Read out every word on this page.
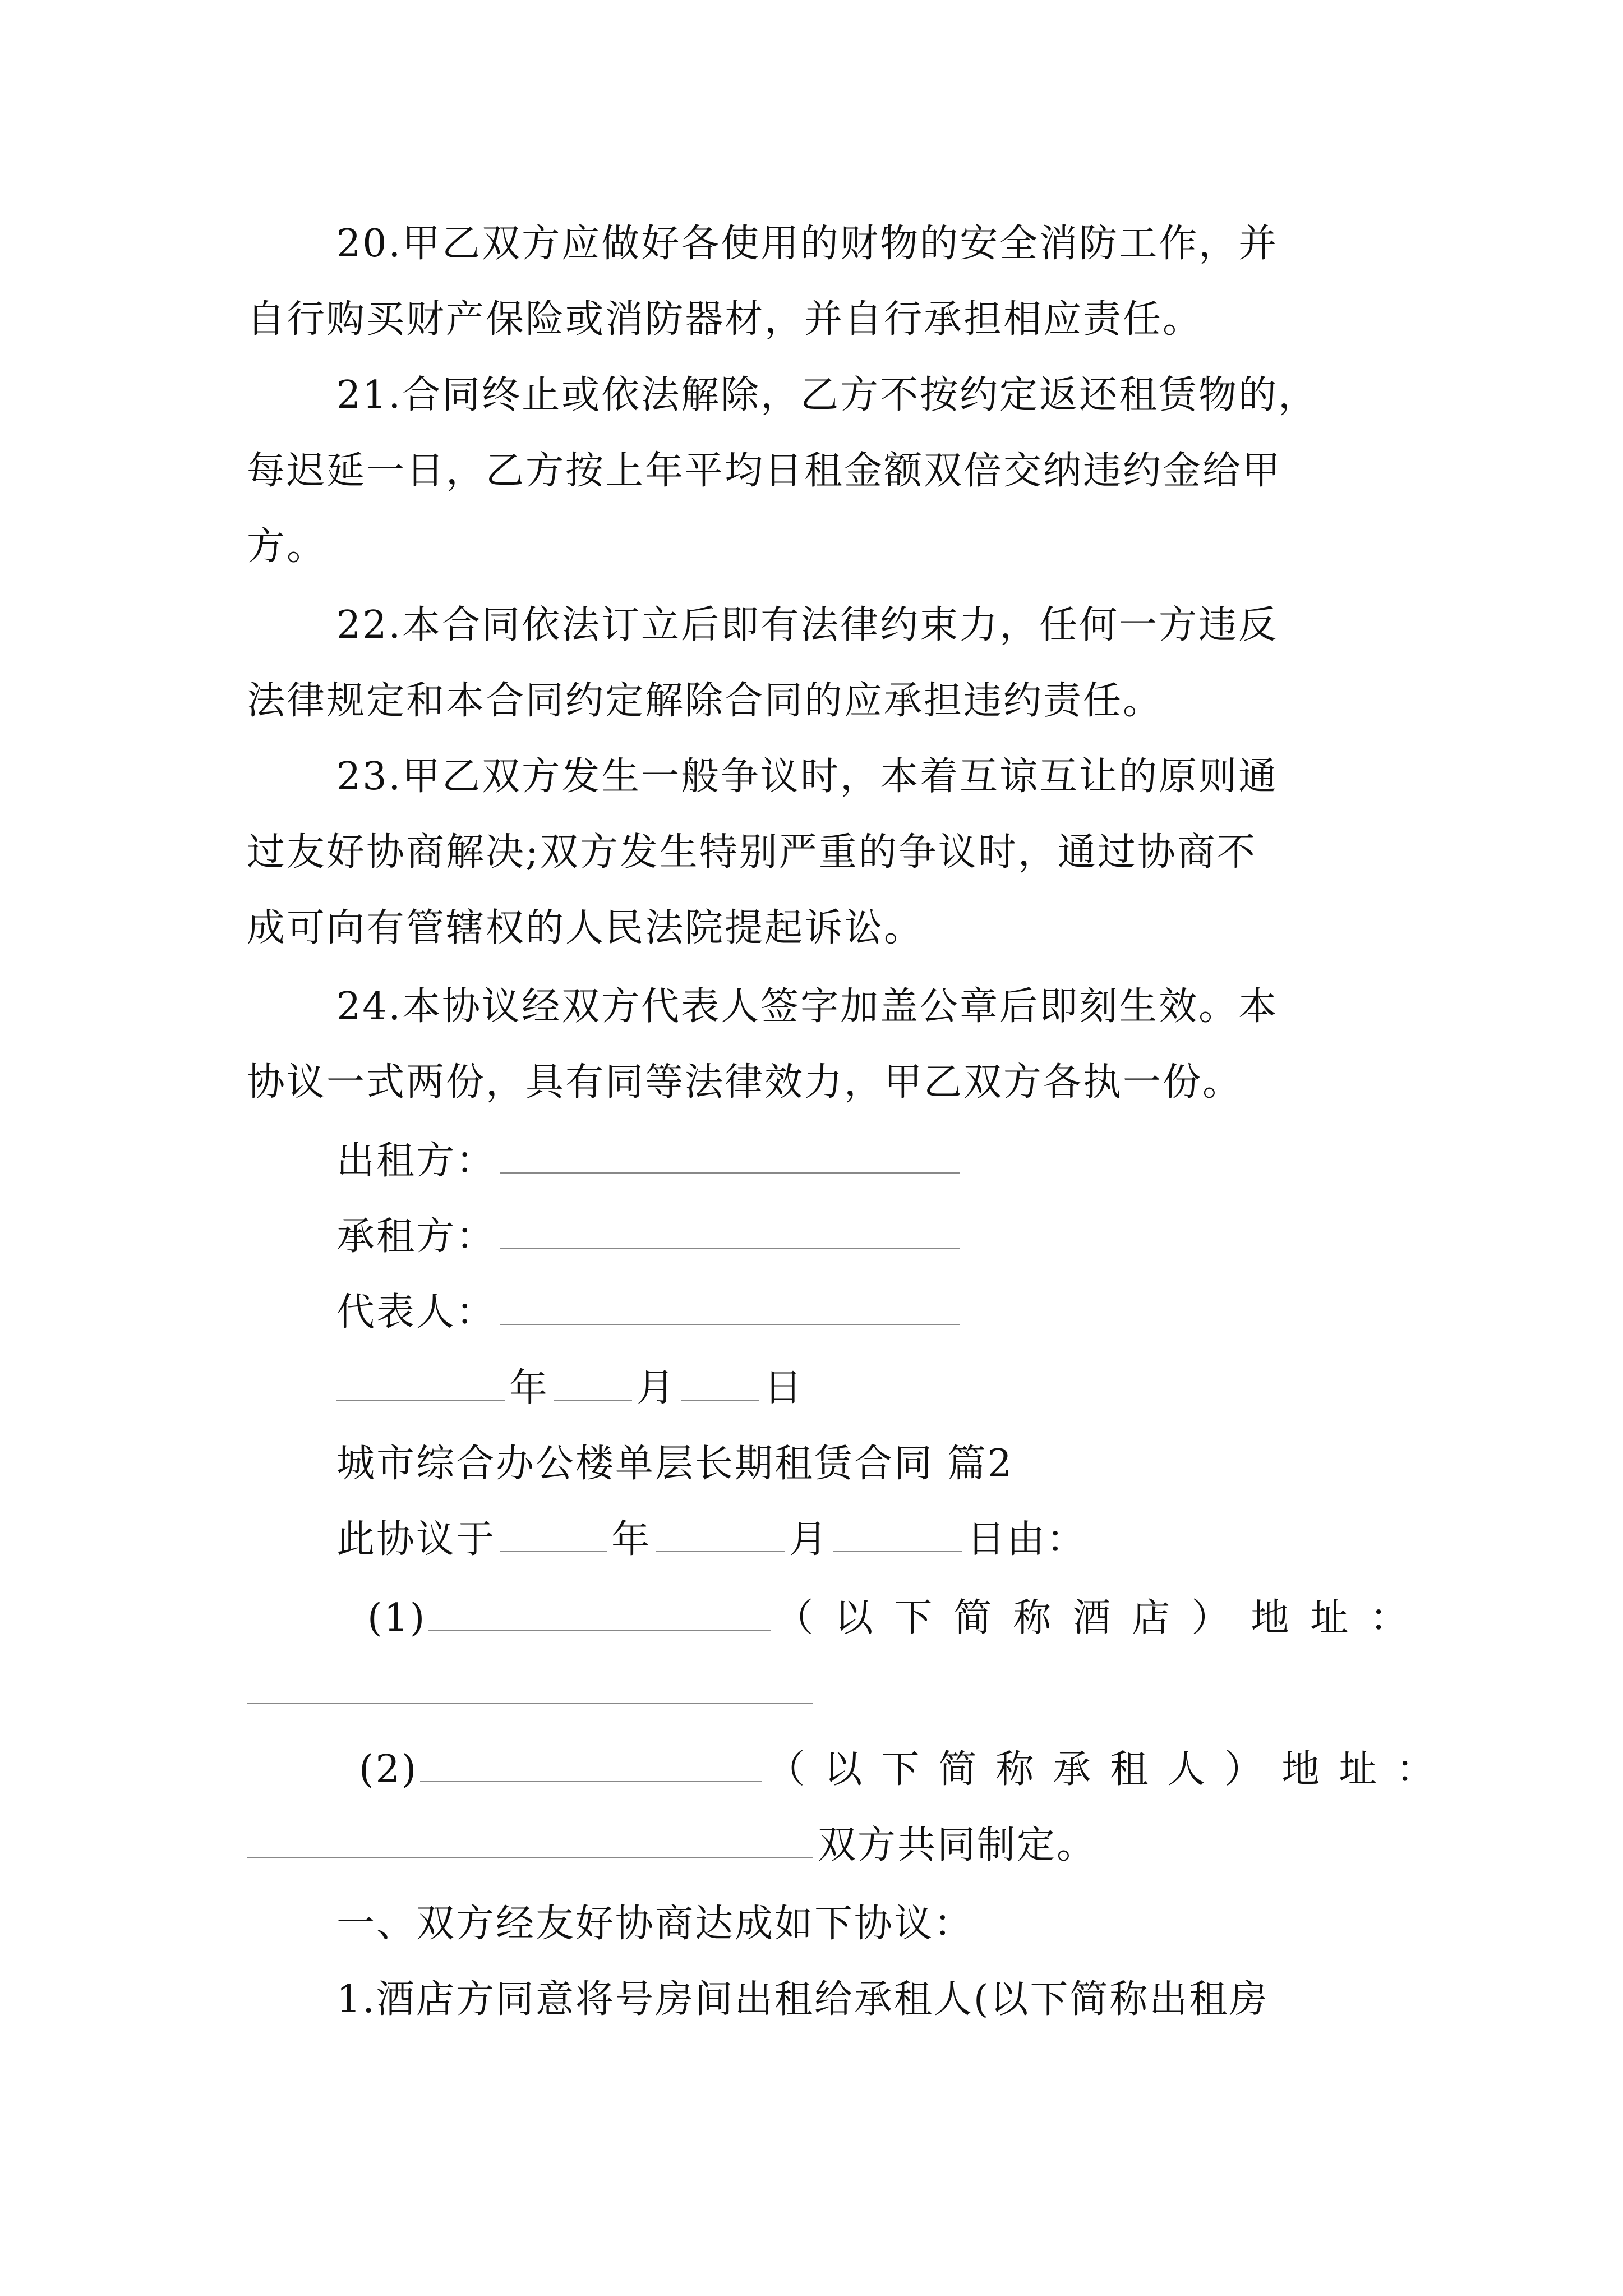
20.甲乙双方应做好各使用的财物的安全消防工作，并
自行购买财产保险或消防器材，并自行承担相应责任。
21.合同终止或依法解除，乙方不按约定返还租赁物的，
每迟延一日，乙方按上年平均日租金额双倍交纳违约金给甲
方。
22.本合同依法订立后即有法律约束力，任何一方违反
法律规定和本合同约定解除合同的应承担违约责任。
23.甲乙双方发生一般争议时，本着互谅互让的原则通
过友好协商解决;双方发生特别严重的争议时，通过协商不
成可向有管辖权的人民法院提起诉讼。
24.本协议经双方代表人签字加盖公章后即刻生效。本
协议一式两份，具有同等法律效力，甲乙双方各执一份。
出租方：
承租方：
代表人：
年 月 日
城市综合办公楼单层长期租赁合同 篇2
此协议于	年	月	日由：
(1)	（以下简称酒店）地址：
(2)	（以下简称承租人）地址：
双方共同制定。
一、双方经友好协商达成如下协议：
1.酒店方同意将号房间出租给承租人(以下简称出租房
